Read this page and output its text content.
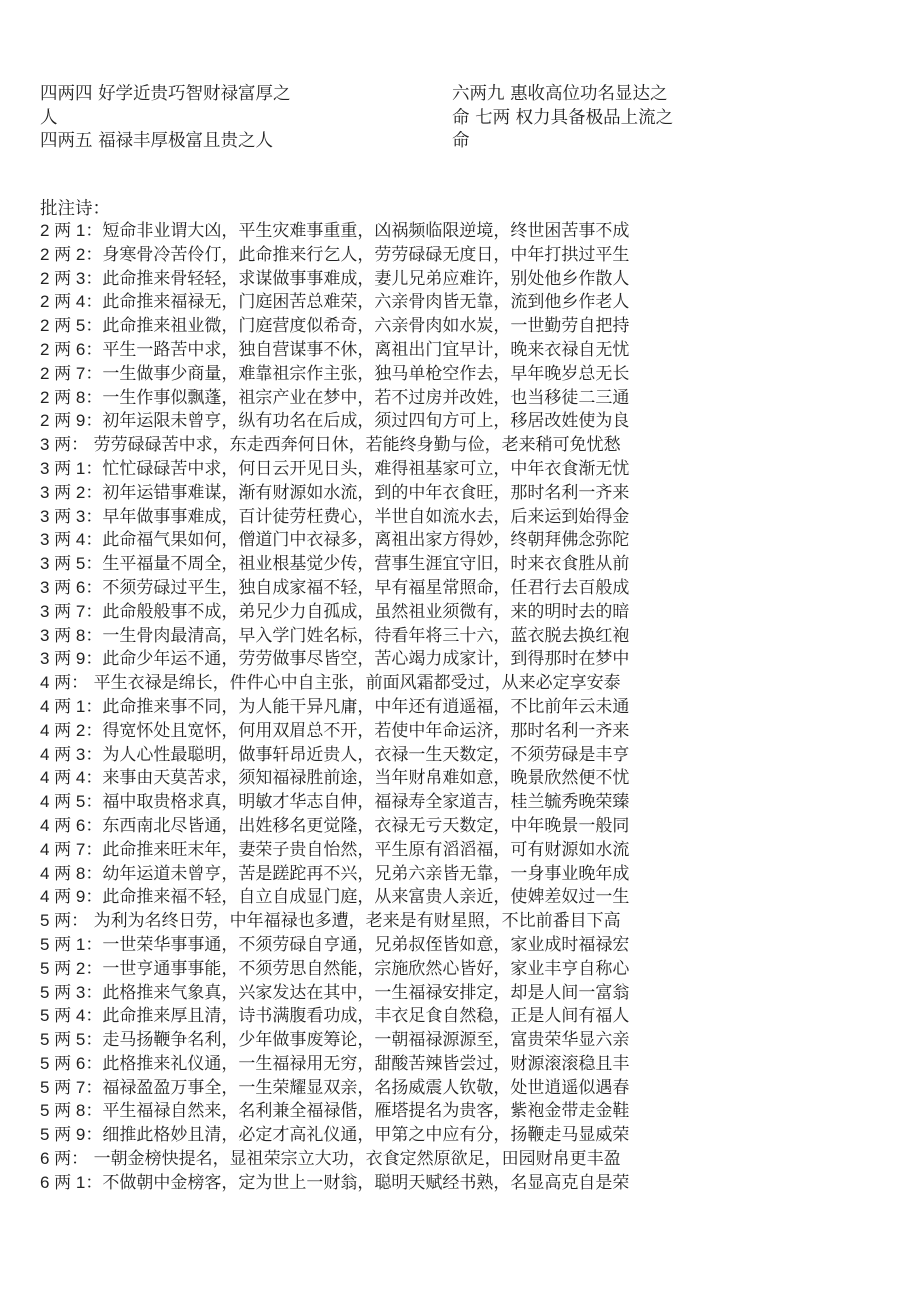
四两四 好学近贵巧智财禄富厚之
人
四两五 福禄丰厚极富且贵之人
六两九 惠收高位功名显达之
命 七两 权力具备极品上流之
命
批注诗：
2 两 1：短命非业谓大凶，平生灾难事重重，凶祸频临限逆境，终世困苦事不成
2 两 2：身寒骨冷苦伶仃，此命推来行乞人，劳劳碌碌无度日，中年打拱过平生
2 两 3：此命推来骨轻轻，求谋做事事难成，妻儿兄弟应难许，别处他乡作散人
2 两 4：此命推来福禄无，门庭困苦总难荣，六亲骨肉皆无靠，流到他乡作老人
2 两 5：此命推来祖业微，门庭营度似希奇，六亲骨肉如水炭，一世勤劳自把持
2 两 6：平生一路苦中求，独自营谋事不休，离祖出门宜早计，晚来衣禄自无忧
2 两 7：一生做事少商量，难靠祖宗作主张，独马单枪空作去，早年晚岁总无长
2 两 8：一生作事似飘蓬，祖宗产业在梦中，若不过房并改姓，也当移徒二三通
2 两 9：初年运限未曾亨，纵有功名在后成，须过四旬方可上，移居改姓使为良
3 两： 劳劳碌碌苦中求，东走西奔何日休，若能终身勤与俭，老来稍可免忧愁
3 两 1：忙忙碌碌苦中求，何日云开见日头，难得祖基家可立，中年衣食渐无忧
3 两 2：初年运错事难谋，渐有财源如水流，到的中年衣食旺，那时名利一齐来
3 两 3：早年做事事难成，百计徒劳枉费心，半世自如流水去，后来运到始得金
3 两 4：此命福气果如何，僧道门中衣禄多，离祖出家方得妙，终朝拜佛念弥陀
3 两 5：生平福量不周全，祖业根基觉少传，营事生涯宜守旧，时来衣食胜从前
3 两 6：不须劳碌过平生，独自成家福不轻，早有福星常照命，任君行去百般成
3 两 7：此命般般事不成，弟兄少力自孤成，虽然祖业须微有，来的明时去的暗
3 两 8：一生骨肉最清高，早入学门姓名标，待看年将三十六，蓝衣脱去换红袍
3 两 9：此命少年运不通，劳劳做事尽皆空，苦心竭力成家计，到得那时在梦中
4 两： 平生衣禄是绵长，件件心中自主张，前面风霜都受过，从来必定享安泰
4 两 1：此命推来事不同，为人能干异凡庸，中年还有逍遥福，不比前年云未通
4 两 2：得宽怀处且宽怀，何用双眉总不开，若使中年命运济，那时名利一齐来
4 两 3：为人心性最聪明，做事轩昂近贵人，衣禄一生天数定，不须劳碌是丰亨
4 两 4：来事由天莫苦求，须知福禄胜前途，当年财帛难如意，晚景欣然便不忧
4 两 5：福中取贵格求真，明敏才华志自伸，福禄寿全家道吉，桂兰毓秀晚荣臻
4 两 6：东西南北尽皆通，出姓移名更觉隆，衣禄无亏天数定，中年晚景一般同
4 两 7：此命推来旺末年，妻荣子贵自怡然，平生原有滔滔福，可有财源如水流
4 两 8：幼年运道未曾亨，苦是蹉跎再不兴，兄弟六亲皆无靠，一身事业晚年成
4 两 9：此命推来福不轻，自立自成显门庭，从来富贵人亲近，使婢差奴过一生
5 两： 为利为名终日劳，中年福禄也多遭，老来是有财星照，不比前番目下高
5 两 1：一世荣华事事通，不须劳碌自亨通，兄弟叔侄皆如意，家业成时福禄宏
5 两 2：一世亨通事事能，不须劳思自然能，宗施欣然心皆好，家业丰亨自称心
5 两 3：此格推来气象真，兴家发达在其中，一生福禄安排定，却是人间一富翁
5 两 4：此命推来厚且清，诗书满腹看功成，丰衣足食自然稳，正是人间有福人
5 两 5：走马扬鞭争名利，少年做事废筹论，一朝福禄源源至，富贵荣华显六亲
5 两 6：此格推来礼仪通，一生福禄用无穷，甜酸苦辣皆尝过，财源滚滚稳且丰
5 两 7：福禄盈盈万事全，一生荣耀显双亲，名扬威震人钦敬，处世逍遥似遇春
5 两 8：平生福禄自然来，名利兼全福禄偕，雁塔提名为贵客，紫袍金带走金鞋
5 两 9：细推此格妙且清，必定才高礼仪通，甲第之中应有分，扬鞭走马显威荣
6 两： 一朝金榜快提名，显祖荣宗立大功，衣食定然原欲足，田园财帛更丰盈
6 两 1：不做朝中金榜客，定为世上一财翁，聪明天赋经书熟，名显高克自是荣
